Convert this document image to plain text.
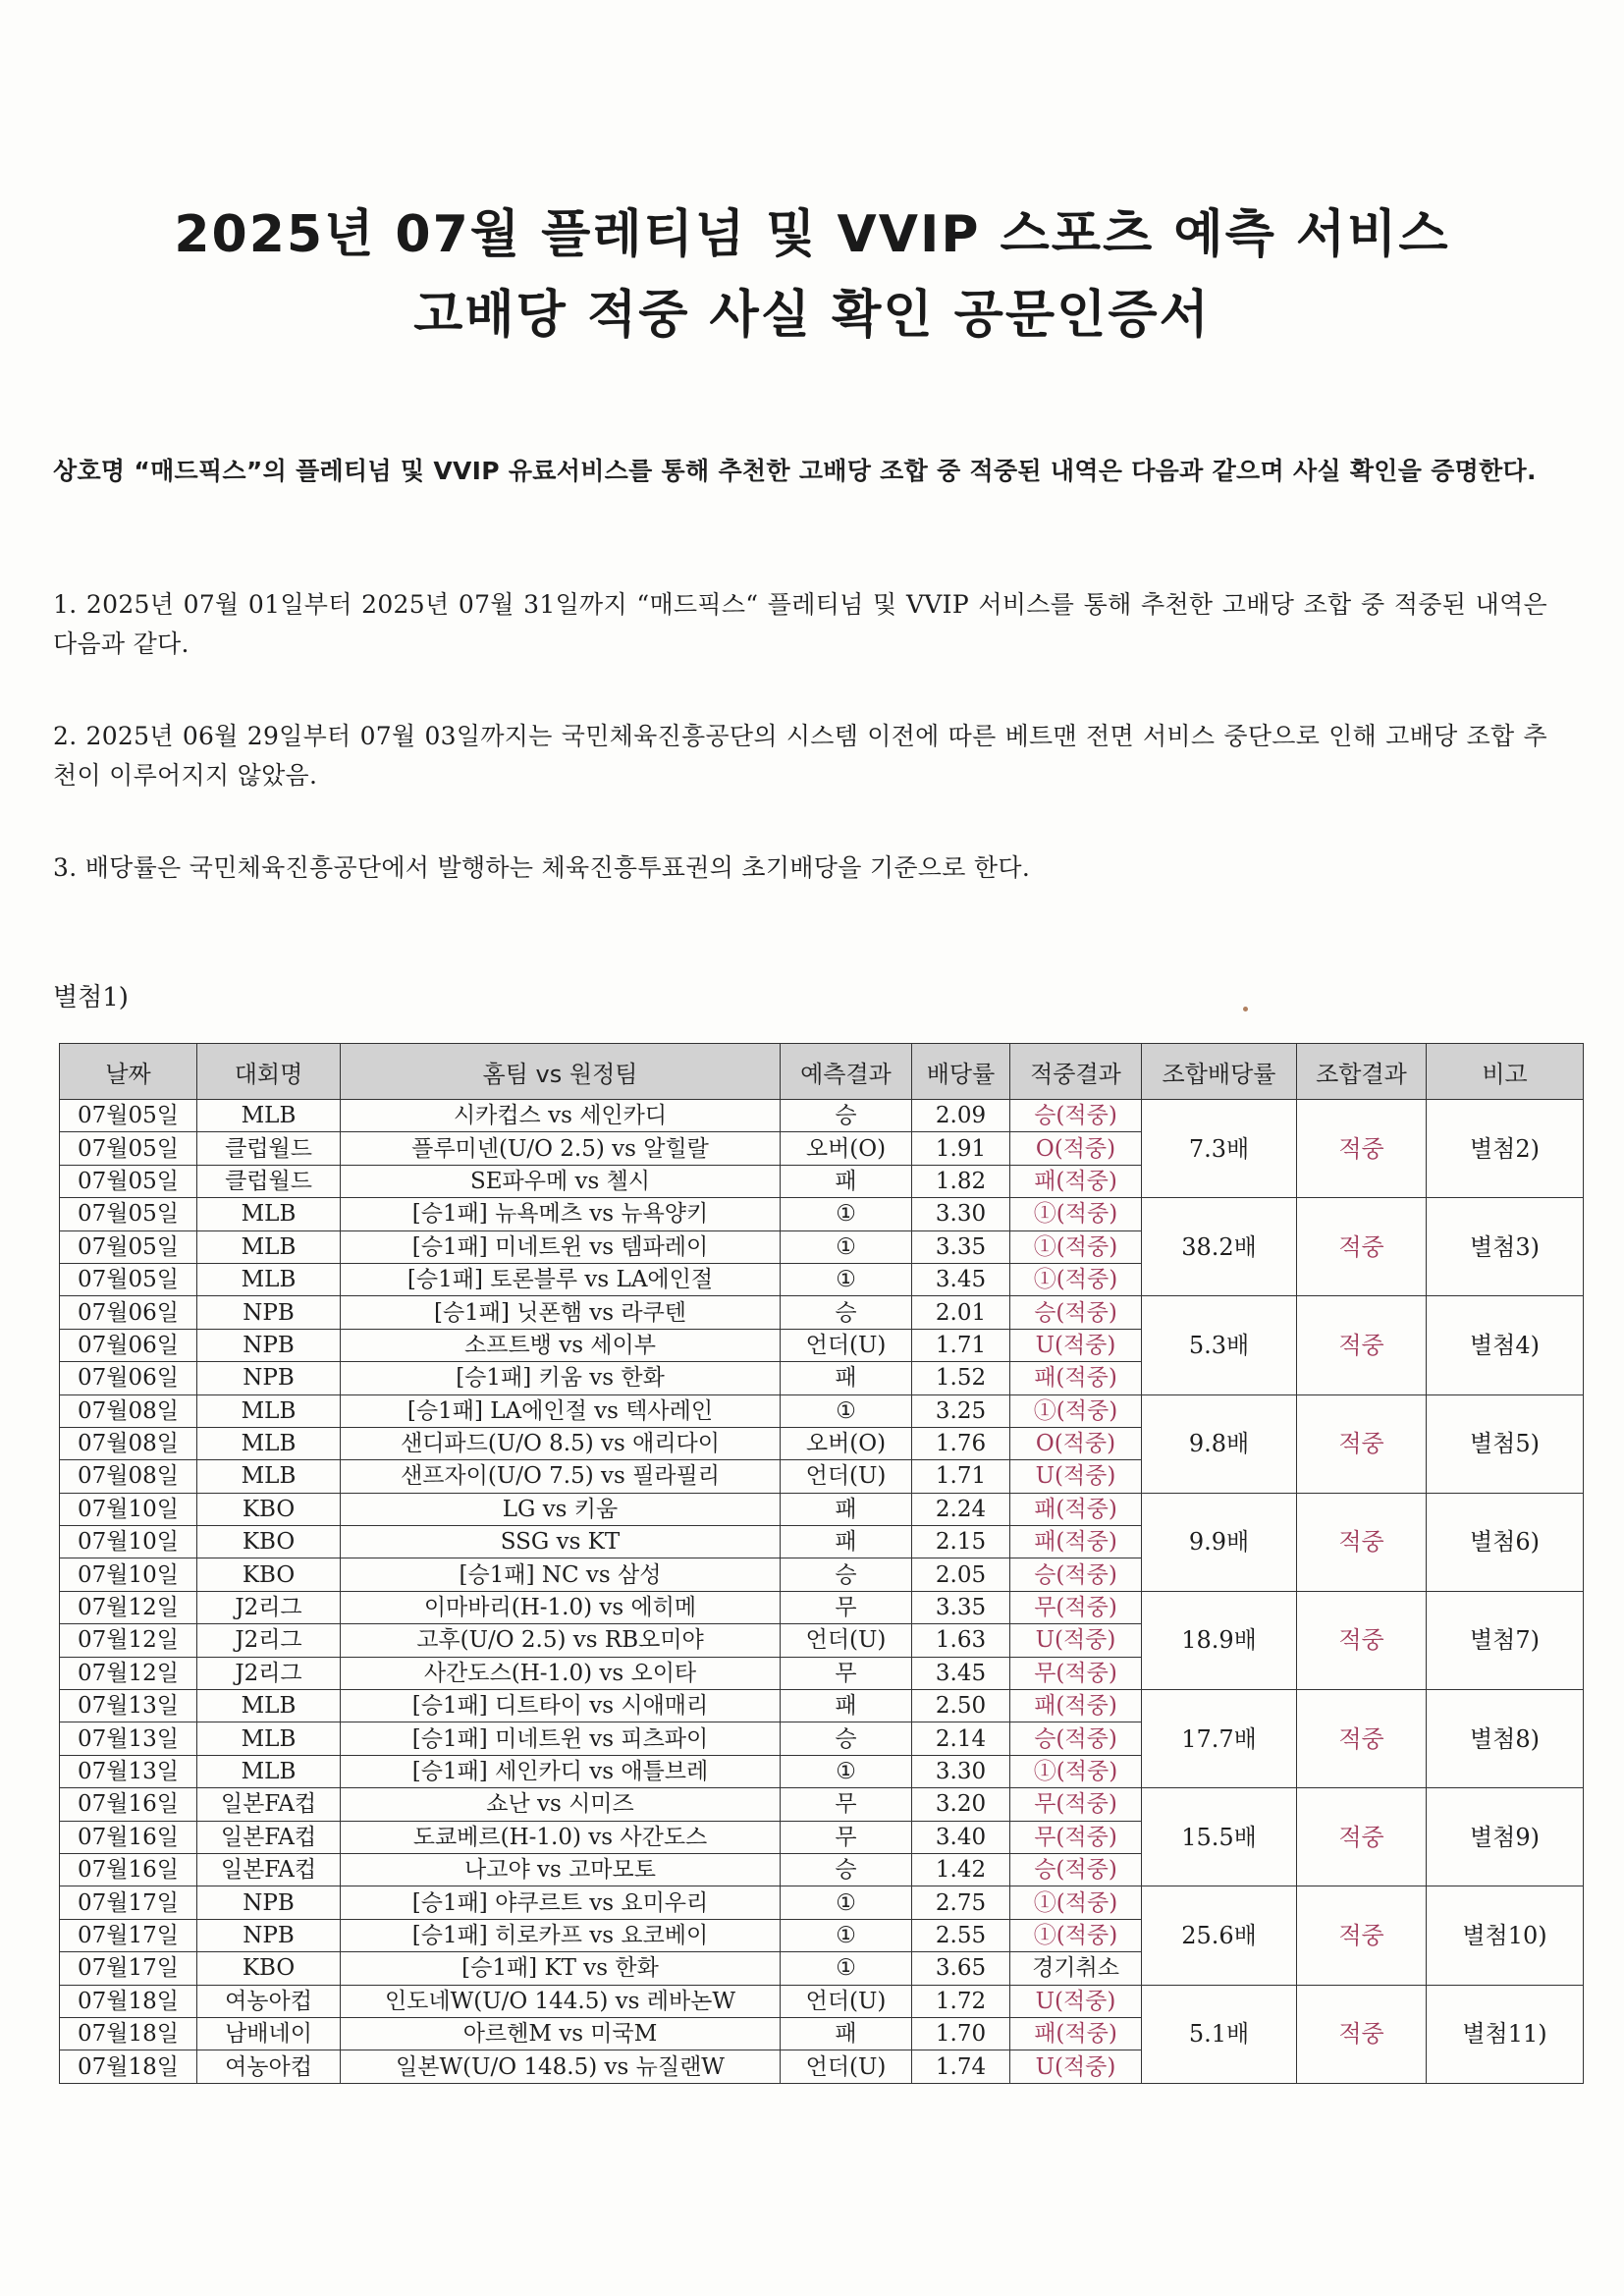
2025년 07월 플레티넘 및 VVIP 스포츠 예측 서비스
고배당 적중 사실 확인 공문인증서
상호명 “매드픽스”의 플레티넘 및 VVIP 유료서비스를 통해 추천한 고배당 조합 중 적중된 내역은 다음과 같으며 사실 확인을 증명한다.
1. 2025년 07월 01일부터 2025년 07월 31일까지 “매드픽스“ 플레티넘 및 VVIP 서비스를 통해 추천한 고배당 조합 중 적중된 내역은 다음과 같다.
2. 2025년 06월 29일부터 07월 03일까지는 국민체육진흥공단의 시스템 이전에 따른 베트맨 전면 서비스 중단으로 인해 고배당 조합 추천이 이루어지지 않았음.
3. 배당률은 국민체육진흥공단에서 발행하는 체육진흥투표권의 초기배당을 기준으로 한다.
별첨1)
날짜	대회명	홈팀 vs 원정팀	예측결과	배당률	적중결과	조합배당률	조합결과	비고
07월05일	MLB	시카컵스 vs 세인카디	승	2.09	승(적중)	7.3배	적중	별첨2)
07월05일	클럽월드	플루미넨(U/O 2.5) vs 알힐랄	오버(O)	1.91	O(적중)			
07월05일	클럽월드	SE파우메 vs 첼시	패	1.82	패(적중)			
07월05일	MLB	[승1패] 뉴욕메츠 vs 뉴욕양키	①	3.30	①(적중)	38.2배	적중	별첨3)
07월05일	MLB	[승1패] 미네트윈 vs 템파레이	①	3.35	①(적중)			
07월05일	MLB	[승1패] 토론블루 vs LA에인절	①	3.45	①(적중)			
07월06일	NPB	[승1패] 닛폰햄 vs 라쿠텐	승	2.01	승(적중)	5.3배	적중	별첨4)
07월06일	NPB	소프트뱅 vs 세이부	언더(U)	1.71	U(적중)			
07월06일	NPB	[승1패] 키움 vs 한화	패	1.52	패(적중)			
07월08일	MLB	[승1패] LA에인절 vs 텍사레인	①	3.25	①(적중)	9.8배	적중	별첨5)
07월08일	MLB	샌디파드(U/O 8.5) vs 애리다이	오버(O)	1.76	O(적중)			
07월08일	MLB	샌프자이(U/O 7.5) vs 필라필리	언더(U)	1.71	U(적중)			
07월10일	KBO	LG vs 키움	패	2.24	패(적중)	9.9배	적중	별첨6)
07월10일	KBO	SSG vs KT	패	2.15	패(적중)			
07월10일	KBO	[승1패] NC vs 삼성	승	2.05	승(적중)			
07월12일	J2리그	이마바리(H-1.0) vs 에히메	무	3.35	무(적중)	18.9배	적중	별첨7)
07월12일	J2리그	고후(U/O 2.5) vs RB오미야	언더(U)	1.63	U(적중)			
07월12일	J2리그	사간도스(H-1.0) vs 오이타	무	3.45	무(적중)			
07월13일	MLB	[승1패] 디트타이 vs 시애매리	패	2.50	패(적중)	17.7배	적중	별첨8)
07월13일	MLB	[승1패] 미네트윈 vs 피츠파이	승	2.14	승(적중)			
07월13일	MLB	[승1패] 세인카디 vs 애틀브레	①	3.30	①(적중)			
07월16일	일본FA컵	쇼난 vs 시미즈	무	3.20	무(적중)	15.5배	적중	별첨9)
07월16일	일본FA컵	도쿄베르(H-1.0) vs 사간도스	무	3.40	무(적중)			
07월16일	일본FA컵	나고야 vs 고마모토	승	1.42	승(적중)			
07월17일	NPB	[승1패] 야쿠르트 vs 요미우리	①	2.75	①(적중)	25.6배	적중	별첨10)
07월17일	NPB	[승1패] 히로카프 vs 요코베이	①	2.55	①(적중)			
07월17일	KBO	[승1패] KT vs 한화	①	3.65	경기취소			
07월18일	여농아컵	인도네W(U/O 144.5) vs 레바논W	언더(U)	1.72	U(적중)	5.1배	적중	별첨11)
07월18일	남배네이	아르헨M vs 미국M	패	1.70	패(적중)			
07월18일	여농아컵	일본W(U/O 148.5) vs 뉴질랜W	언더(U)	1.74	U(적중)			
